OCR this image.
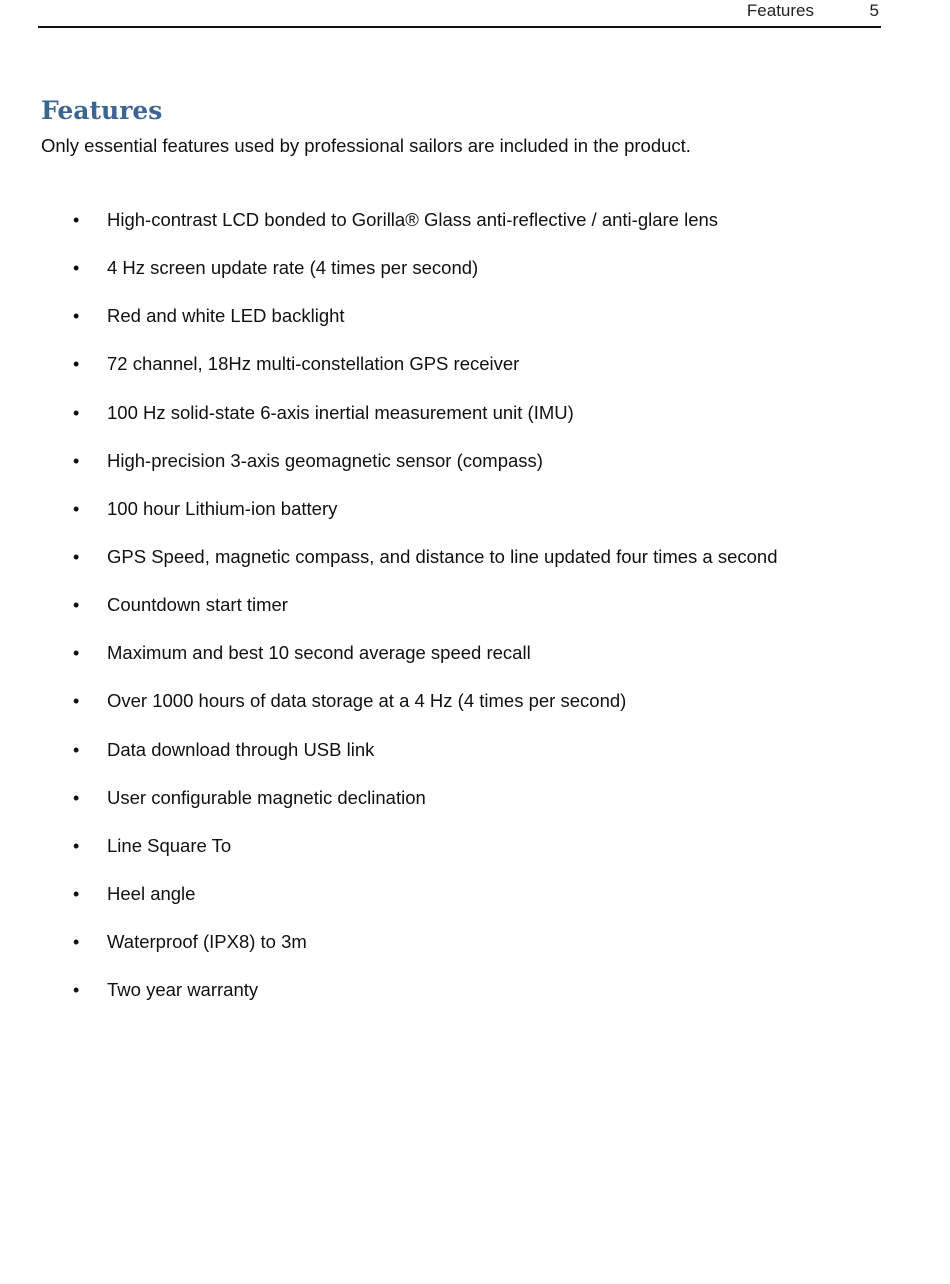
Features	5
Features

Only essential features used by professional sailors are included in the product.

• High-contrast LCD bonded to Gorilla® Glass anti-reflective / anti-glare lens
• 4 Hz screen update rate (4 times per second)
• Red and white LED backlight
• 72 channel, 18Hz multi-constellation GPS receiver
• 100 Hz solid-state 6-axis inertial measurement unit (IMU)
• High-precision 3-axis geomagnetic sensor (compass)
• 100 hour Lithium-ion battery
• GPS Speed, magnetic compass, and distance to line updated four times a second
• Countdown start timer
• Maximum and best 10 second average speed recall
• Over 1000 hours of data storage at a 4 Hz (4 times per second)
• Data download through USB link
• User configurable magnetic declination
• Line Square To
• Heel angle
• Waterproof (IPX8) to 3m
• Two year warranty
